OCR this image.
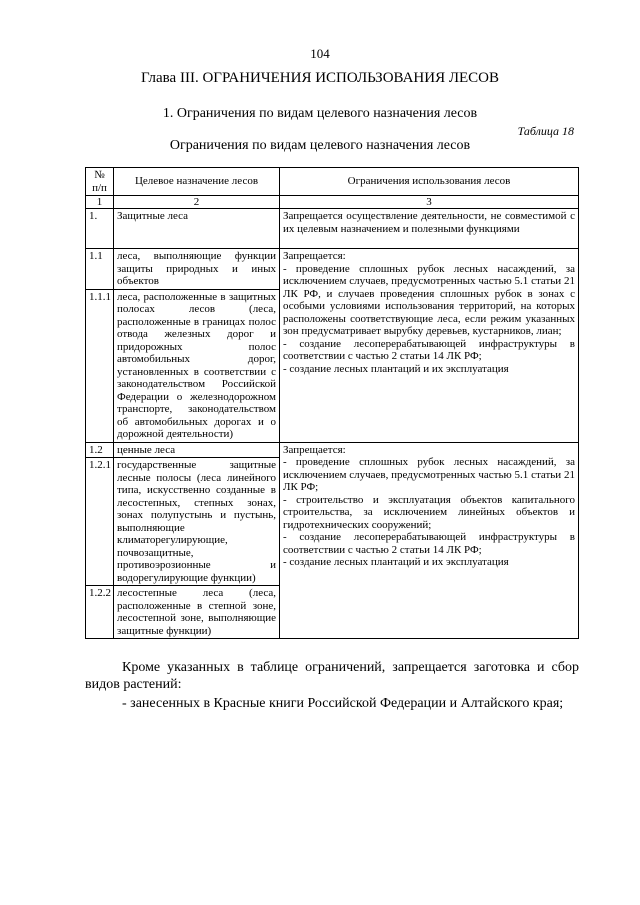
104
Глава III. ОГРАНИЧЕНИЯ ИСПОЛЬЗОВАНИЯ ЛЕСОВ
1. Ограничения по видам целевого назначения лесов
Таблица 18
Ограничения по видам целевого назначения лесов
№ п/п	Целевое назначение лесов	Ограничения использования лесов
1	2	3
1.	Защитные леса	Запрещается осуществление деятельности, не совместимой с их целевым назначением и полезными функциями
1.1	леса, выполняющие функции защиты природных и иных объектов	Запрещается:
- проведение сплошных рубок лесных насаждений, за исключением случаев, предусмотренных частью 5.1 статьи 21 ЛК РФ, и случаев проведения сплошных рубок в зонах с особыми условиями использования территорий, на которых расположены соответствующие леса, если режим указанных зон предусматривает вырубку деревьев, кустарников, лиан;
- создание лесоперерабатывающей инфраструктуры в соответствии с частью 2 статьи 14 ЛК РФ;
- создание лесных плантаций и их эксплуатация

1.1.1	леса, расположенные в защитных полосах лесов (леса, расположенные в границах полос отвода железных дорог и придорожных полос автомобильных дорог, установленных в соответствии с законодательством Российской Федерации о железнодорожном транспорте, законодательством об автомобильных дорогах и о дорожной деятельности)	
1.2	ценные леса	Запрещается:
- проведение сплошных рубок лесных насаждений, за исключением случаев, предусмотренных частью 5.1 статьи 21 ЛК РФ;
- строительство и эксплуатация объектов капитального строительства, за исключением линейных объектов и гидротехнических сооружений;
- создание лесоперерабатывающей инфраструктуры в соответствии с частью 2 статьи 14 ЛК РФ;
- создание лесных плантаций и их эксплуатация

1.2.1	государственные защитные лесные полосы (леса линейного типа, искусственно созданные в лесостепных, степных зонах, зонах полупустынь и пустынь, выполняющие климаторегулирующие, почвозащитные, противоэрозионные и водорегулирующие функции)	
1.2.2	лесостепные леса (леса, расположенные в степной зоне, лесостепной зоне, выполняющие защитные функции)	
Кроме указанных в таблице ограничений, запрещается заготовка и сбор видов растений:
- занесенных в Красные книги Российской Федерации и Алтайского края;
